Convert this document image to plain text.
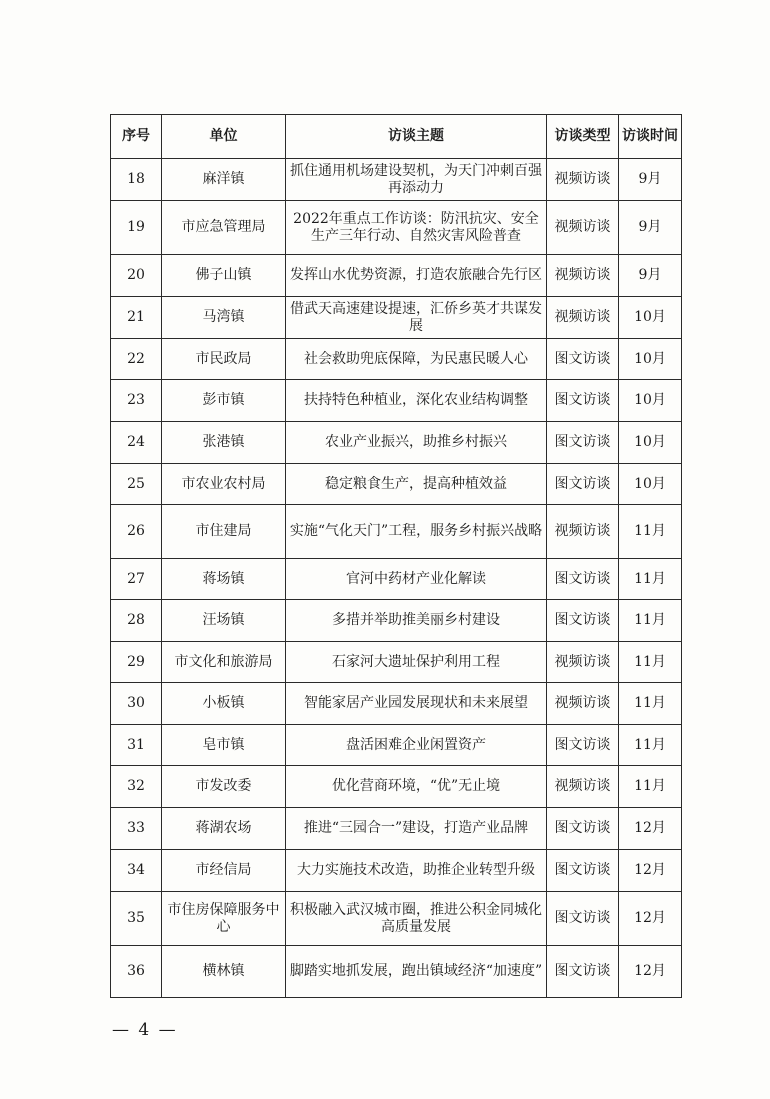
序号	单位	访谈主题	访谈类型	访谈时间
18	麻洋镇	抓住通用机场建设契机，为天门冲刺百强再添动力	视频访谈	9月
19	市应急管理局	2022年重点工作访谈：防汛抗灾、安全生产三年行动、自然灾害风险普查	视频访谈	9月
20	佛子山镇	发挥山水优势资源，打造农旅融合先行区	视频访谈	9月
21	马湾镇	借武天高速建设提速，汇侨乡英才共谋发展	视频访谈	10月
22	市民政局	社会救助兜底保障，为民惠民暖人心	图文访谈	10月
23	彭市镇	扶持特色种植业，深化农业结构调整	图文访谈	10月
24	张港镇	农业产业振兴，助推乡村振兴	图文访谈	10月
25	市农业农村局	稳定粮食生产，提高种植效益	图文访谈	10月
26	市住建局	实施“气化天门”工程，服务乡村振兴战略	视频访谈	11月
27	蒋场镇	官河中药材产业化解读	图文访谈	11月
28	汪场镇	多措并举助推美丽乡村建设	图文访谈	11月
29	市文化和旅游局	石家河大遗址保护利用工程	视频访谈	11月
30	小板镇	智能家居产业园发展现状和未来展望	视频访谈	11月
31	皂市镇	盘活困难企业闲置资产	图文访谈	11月
32	市发改委	优化营商环境，“优”无止境	视频访谈	11月
33	蒋湖农场	推进“三园合一”建设，打造产业品牌	图文访谈	12月
34	市经信局	大力实施技术改造，助推企业转型升级	图文访谈	12月
35	市住房保障服务中心	积极融入武汉城市圈，推进公积金同城化高质量发展	图文访谈	12月
36	横林镇	脚踏实地抓发展，跑出镇域经济“加速度”	图文访谈	12月
— 4 —
